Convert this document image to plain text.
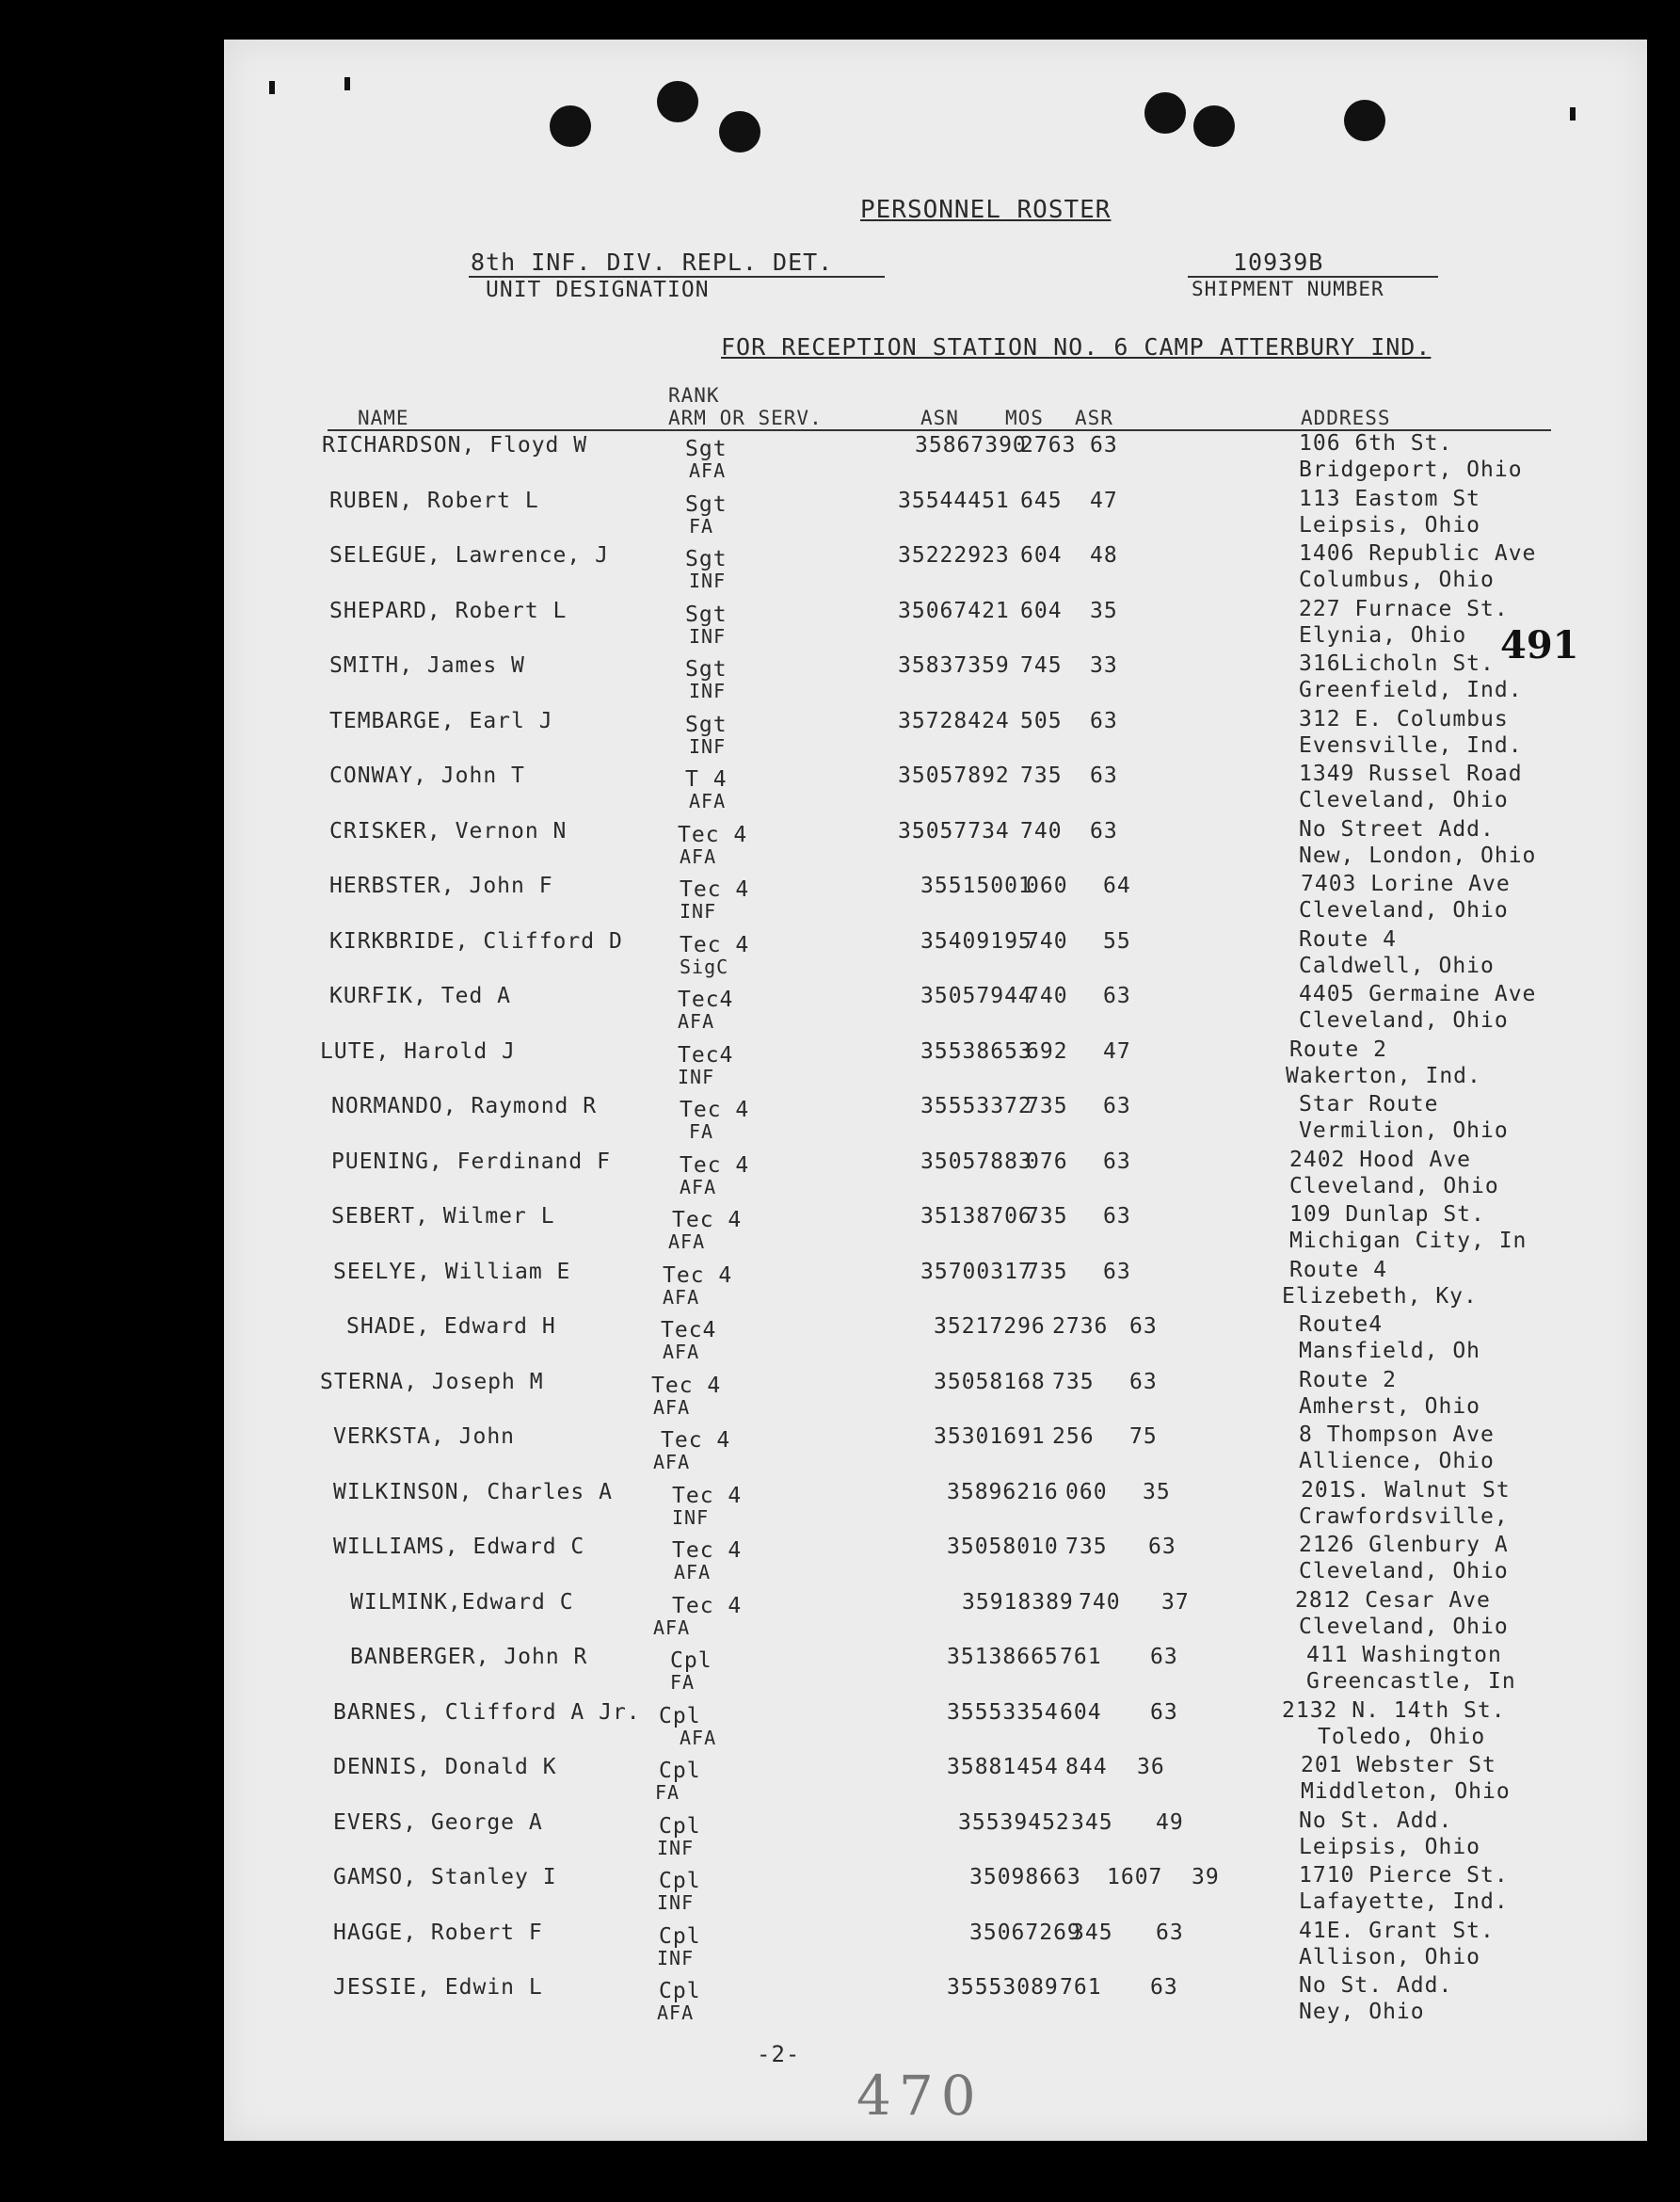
PERSONNEL ROSTER
8th INF. DIV. REPL. DET.
UNIT DESIGNATION
10939B
SHIPMENT NUMBER
FOR RECEPTION STATION NO. 6 CAMP ATTERBURY IND.
491
RANK
NAME	ARM OR SERV.	ASN MOS ASR	ADDRESS
RICHARDSON, Floyd W	Sgt
AFA
35867390
2763 63	106 6th St.
Bridgeport, Ohio
RUBEN, Robert L	Sgt
FA
35544451 645 47	113 Eastom St
Leipsis, Ohio
SELEGUE, Lawrence, J	Sgt
INF
35222923 604 48	1406 Republic Ave
Columbus, Ohio
SHEPARD, Robert L	Sgt
INF
35067421 604 35	227 Furnace St.
Elynia, Ohio
SMITH, James W	Sgt
INF
35837359 745 33	316Licholn St.
Greenfield, Ind.
TEMBARGE, Earl J	Sgt
INF
35728424 505 63	312 E. Columbus
Evensville, Ind.
CONWAY, John T	T 4
AFA
35057892 735 63	1349 Russel Road
Cleveland, Ohio
CRISKER, Vernon N	Tec 4
AFA
35057734 740 63	No Street Add.
New, London, Ohio
HERBSTER, John F	Tec 4
INF
35515001
060 64	7403 Lorine Ave
Cleveland, Ohio
KIRKBRIDE, Clifford D	Tec 4
SigC
35409195
740 55	Route 4
Caldwell, Ohio
KURFIK, Ted A	Tec4
AFA
35057944
740 63	4405 Germaine Ave
Cleveland, Ohio
LUTE, Harold J	Tec4
INF
35538653
692 47	Route 2
Wakerton, Ind.
NORMANDO, Raymond R	Tec 4
FA
35553372
735 63	Star Route
Vermilion, Ohio
PUENING, Ferdinand F	Tec 4
AFA
35057883
076 63	2402 Hood Ave
Cleveland, Ohio
SEBERT, Wilmer L	Tec 4
AFA
35138706
735 63	109 Dunlap St.
Michigan City, In
SEELYE, William E	Tec 4
AFA
35700317
735 63	Route 4
Elizebeth, Ky.
SHADE, Edward H	Tec4
AFA
35217296 2736 63	Route4
Mansfield, Oh
STERNA, Joseph M	Tec 4
AFA
35058168 735 63	Route 2
Amherst, Ohio
VERKSTA, John	Tec 4
AFA
35301691 256 75	8 Thompson Ave
Allience, Ohio
WILKINSON, Charles A	Tec 4
INF
35896216 060 35	201S. Walnut St
Crawfordsville,
WILLIAMS, Edward C	Tec 4
AFA
35058010 735 63	2126 Glenbury A
Cleveland, Ohio
WILMINK,Edward C	Tec 4
AFA
35918389 740 37	2812 Cesar Ave
Cleveland, Ohio
BANBERGER, John R	Cpl
FA
35138665 761 63	411 Washington
Greencastle, In
BARNES, Clifford A Jr. Cpl
AFA
35553354 604 63	2132 N. 14th St.
Toledo, Ohio
DENNIS, Donald K	Cpl
FA
35881454 844 36	201 Webster St
Middleton, Ohio
EVERS, George A	Cpl
INF
35539452 345 49	No St. Add.
Leipsis, Ohio
GAMSO, Stanley I	Cpl
INF
35098663 1607 39	1710 Pierce St.
Lafayette, Ind.
HAGGE, Robert F	Cpl
INF
35067269
345 63	41E. Grant St.
Allison, Ohio
JESSIE, Edwin L	Cpl
AFA
35553089 761 63	No St. Add.
Ney, Ohio
-2-
470
